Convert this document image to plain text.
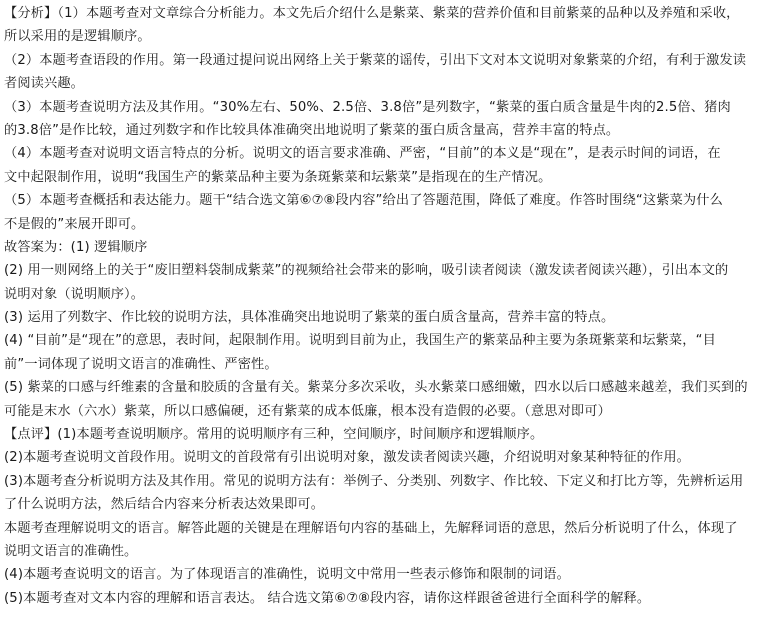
【分析】（1）本题考查对文章综合分析能力。本文先后介绍什么是紫菜、紫菜的营养价值和目前紫菜的品种以及养殖和采收，
所以采用的是逻辑顺序。
（2）本题考查语段的作用。第一段通过提问说出网络上关于紫菜的谣传，引出下文对本文说明对象紫菜的介绍，有利于激发读
者阅读兴趣。
（3）本题考查说明方法及其作用。“30%左右、50%、2.5倍、3.8倍”是列数字，“紫菜的蛋白质含量是牛肉的2.5倍、猪肉
的3.8倍”是作比较，通过列数字和作比较具体准确突出地说明了紫菜的蛋白质含量高，营养丰富的特点。
（4）本题考查对说明文语言特点的分析。说明文的语言要求准确、严密，“目前”的本义是“现在”，是表示时间的词语，在
文中起限制作用，说明“我国生产的紫菜品种主要为条斑紫菜和坛紫菜”是指现在的生产情况。
（5）本题考查概括和表达能力。题干“结合选文第⑥⑦⑧段内容”给出了答题范围，降低了难度。作答时围绕“这紫菜为什么
不是假的”来展开即可。
故答案为：(1) 逻辑顺序
(2) 用一则网络上的关于“废旧塑料袋制成紫菜”的视频给社会带来的影响，吸引读者阅读（激发读者阅读兴趣），引出本文的
说明对象（说明顺序）。
(3) 运用了列数字、作比较的说明方法，具体准确突出地说明了紫菜的蛋白质含量高，营养丰富的特点。
(4) “目前”是“现在”的意思，表时间，起限制作用。说明到目前为止，我国生产的紫菜品种主要为条斑紫菜和坛紫菜，“目
前”一词体现了说明文语言的准确性、严密性。
(5) 紫菜的口感与纤维素的含量和胶质的含量有关。紫菜分多次采收，头水紫菜口感细嫩，四水以后口感越来越差，我们买到的
可能是末水（六水）紫菜，所以口感偏硬，还有紫菜的成本低廉，根本没有造假的必要。（意思对即可）
【点评】(1)本题考查说明顺序。常用的说明顺序有三种，空间顺序，时间顺序和逻辑顺序。
(2)本题考查说明文首段作用。说明文的首段常有引出说明对象，激发读者阅读兴趣，介绍说明对象某种特征的作用。
(3)本题考查分析说明方法及其作用。常见的说明方法有：举例子、分类别、列数字、作比较、下定义和打比方等，先辨析运用
了什么说明方法，然后结合内容来分析表达效果即可。
本题考查理解说明文的语言。解答此题的关键是在理解语句内容的基础上，先解释词语的意思，然后分析说明了什么，体现了
说明文语言的准确性。
(4)本题考查说明文的语言。为了体现语言的准确性，说明文中常用一些表示修饰和限制的词语。
(5)本题考查对文本内容的理解和语言表达。 结合选文第⑥⑦⑧段内容，请你这样跟爸爸进行全面科学的解释。
